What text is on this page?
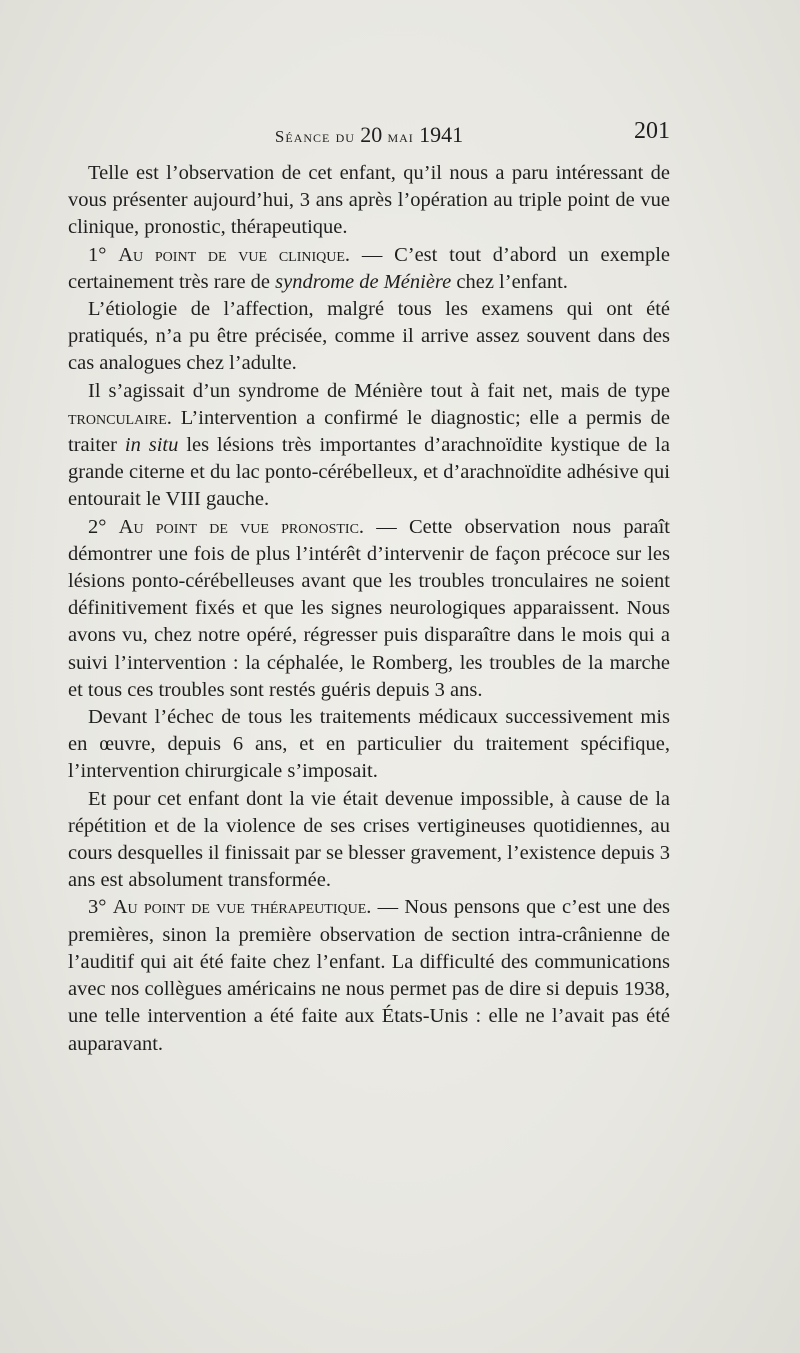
Séance du 20 mai 1941	201

Telle est l’observation de cet enfant, qu’il nous a paru intéressant de vous présenter aujourd’hui, 3 ans après l’opération au triple point de vue clinique, pronostic, thérapeutique.

1° Au point de vue clinique. — C’est tout d’abord un exemple certainement très rare de syndrome de Ménière chez l’enfant.

L’étiologie de l’affection, malgré tous les examens qui ont été pratiqués, n’a pu être précisée, comme il arrive assez souvent dans des cas analogues chez l’adulte.

Il s’agissait d’un syndrome de Ménière tout à fait net, mais de type tronculaire. L’intervention a confirmé le diagnostic; elle a permis de traiter in situ les lésions très importantes d’arachnoïdite kystique de la grande citerne et du lac ponto-cérébelleux, et d’arachnoïdite adhésive qui entourait le VIII gauche.

2° Au point de vue pronostic. — Cette observation nous paraît démontrer une fois de plus l’intérêt d’intervenir de façon précoce sur les lésions ponto-cérébelleuses avant que les troubles tronculaires ne soient définitivement fixés et que les signes neurologiques apparaissent. Nous avons vu, chez notre opéré, régresser puis disparaître dans le mois qui a suivi l’intervention : la céphalée, le Romberg, les troubles de la marche et tous ces troubles sont restés guéris depuis 3 ans.

Devant l’échec de tous les traitements médicaux successivement mis en œuvre, depuis 6 ans, et en particulier du traitement spécifique, l’intervention chirurgicale s’imposait.

Et pour cet enfant dont la vie était devenue impossible, à cause de la répétition et de la violence de ses crises vertigineuses quotidiennes, au cours desquelles il finissait par se blesser gravement, l’existence depuis 3 ans est absolument transformée.

3° Au point de vue thérapeutique. — Nous pensons que c’est une des premières, sinon la première observation de section intra-crânienne de l’auditif qui ait été faite chez l’enfant. La difficulté des communications avec nos collègues américains ne nous permet pas de dire si depuis 1938, une telle intervention a été faite aux États-Unis : elle ne l’avait pas été auparavant.
